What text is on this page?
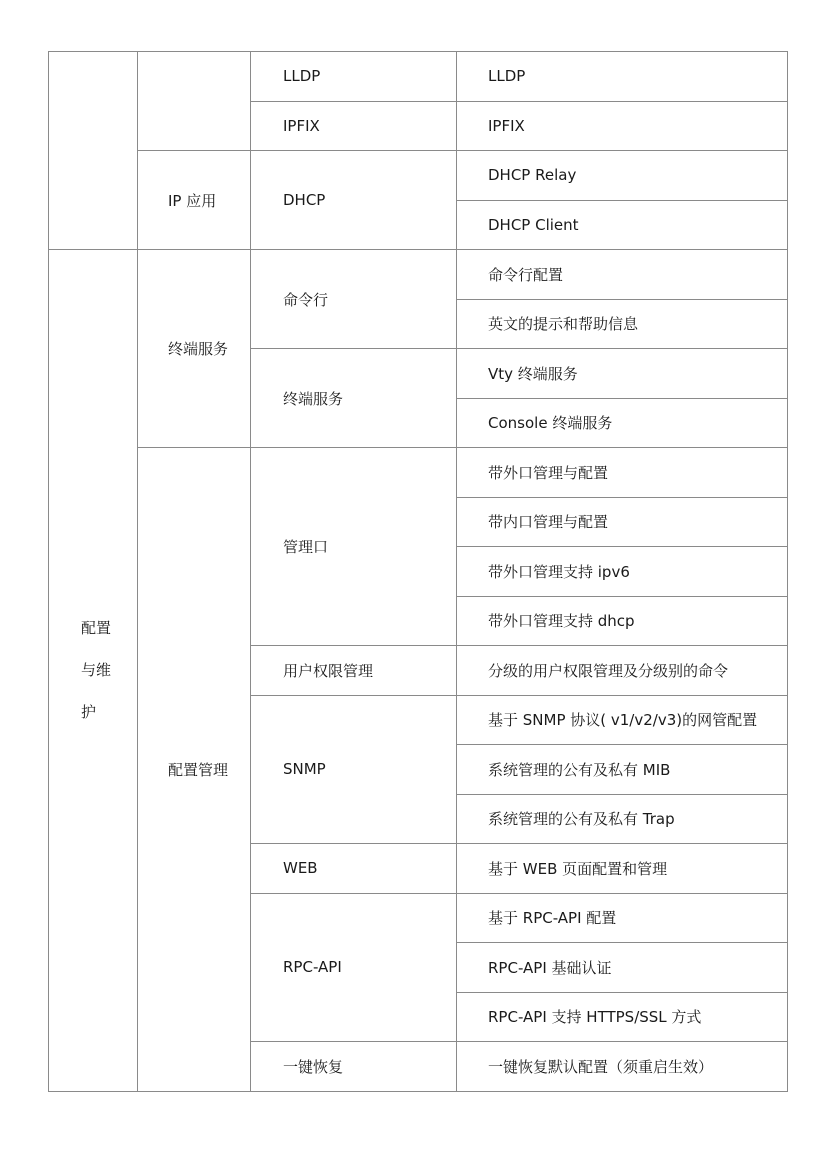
		LLDP	LLDP
		IPFIX	IPFIX
	IP 应用	DHCP	DHCP Relay
			DHCP Client

配置与维护	终端服务	命令行	命令行配置
			英文的提示和帮助信息
		终端服务	Vty 终端服务
			Console 终端服务
	配置管理	管理口	带外口管理与配置
			带内口管理与配置
			带外口管理支持 ipv6
			带外口管理支持 dhcp
		用户权限管理	分级的用户权限管理及分级别的命令
		SNMP	基于 SNMP 协议( v1/v2/v3)的网管配置
			系统管理的公有及私有 MIB
			系统管理的公有及私有 Trap
		WEB	基于 WEB 页面配置和管理
		RPC-API	基于 RPC-API 配置
			RPC-API 基础认证
			RPC-API 支持 HTTPS/SSL 方式
		一键恢复	一键恢复默认配置（须重启生效）
